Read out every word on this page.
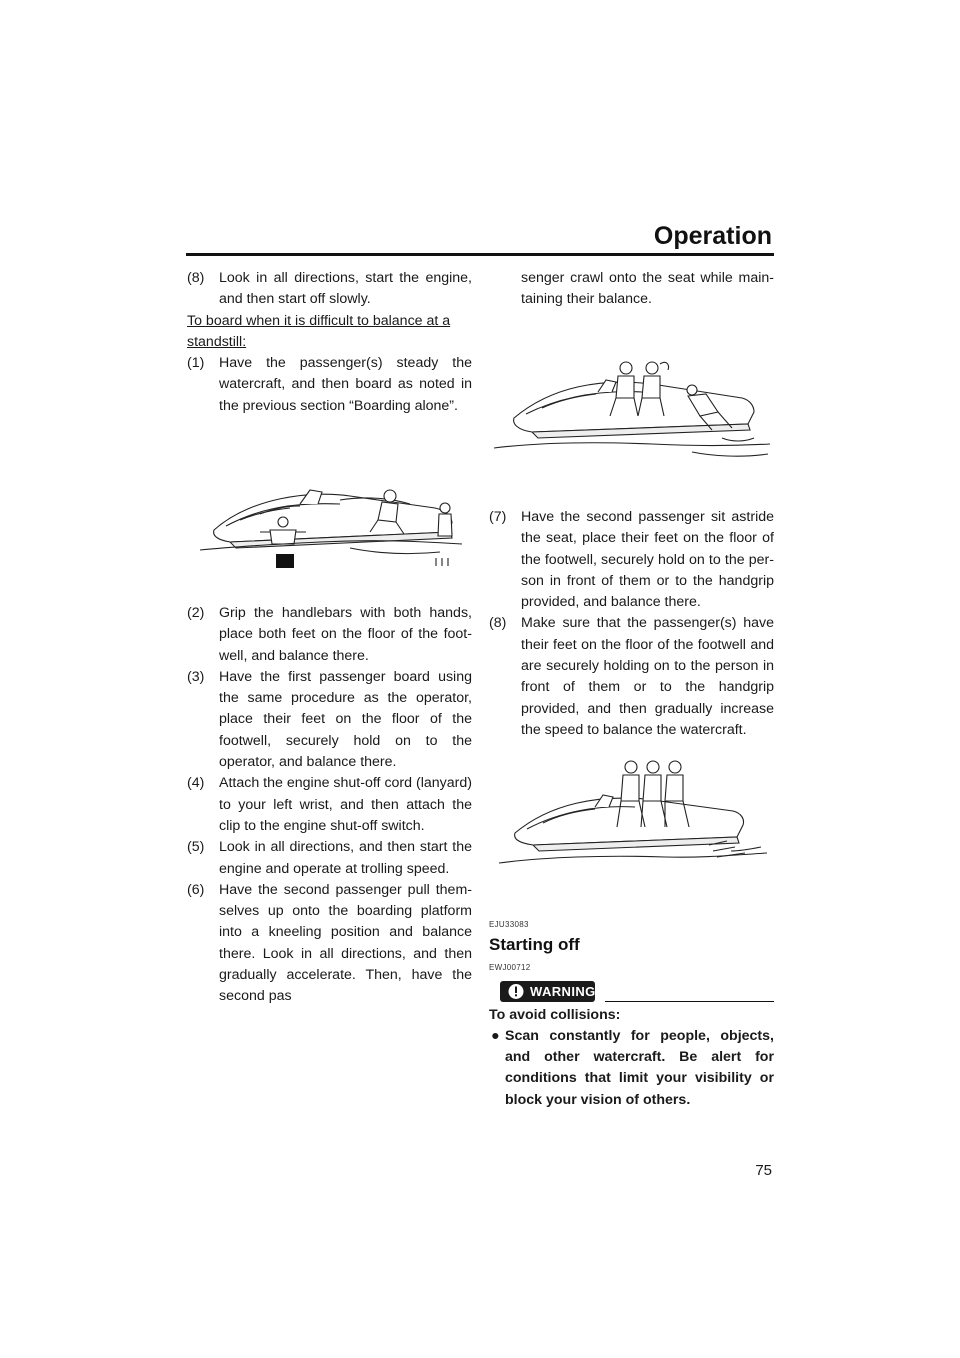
Operation

(8) Look in all directions, start the engine, and then start off slowly.

To board when it is difficult to balance at a standstill:

(1) Have the passenger(s) steady the watercraft, and then board as noted in the previous section “Boarding alone”.

(2) Grip the handlebars with both hands, place both feet on the floor of the footwell, and balance there.

(3) Have the first passenger board using the same procedure as the operator, place their feet on the floor of the footwell, securely hold on to the operator, and balance there.

(4) Attach the engine shut-off cord (lanyard) to your left wrist, and then attach the clip to the engine shut-off switch.

(5) Look in all directions, and then start the engine and operate at trolling speed.

(6) Have the second passenger pull themselves up onto the boarding platform into a kneeling position and balance there. Look in all directions, and then gradually accelerate. Then, have the second pas

senger crawl onto the seat while maintaining their balance.

(7) Have the second passenger sit astride the seat, place their feet on the floor of the footwell, securely hold on to the person in front of them or to the handgrip provided, and balance there.

(8) Make sure that the passenger(s) have their feet on the floor of the footwell and are securely holding on to the person in front of them or to the handgrip provided, and then gradually increase the speed to balance the watercraft.

EJU33083

Starting off

EWJ00712
WARNING

To avoid collisions:

● Scan constantly for people, objects, and other watercraft. Be alert for conditions that limit your visibility or block your vision of others.

75
